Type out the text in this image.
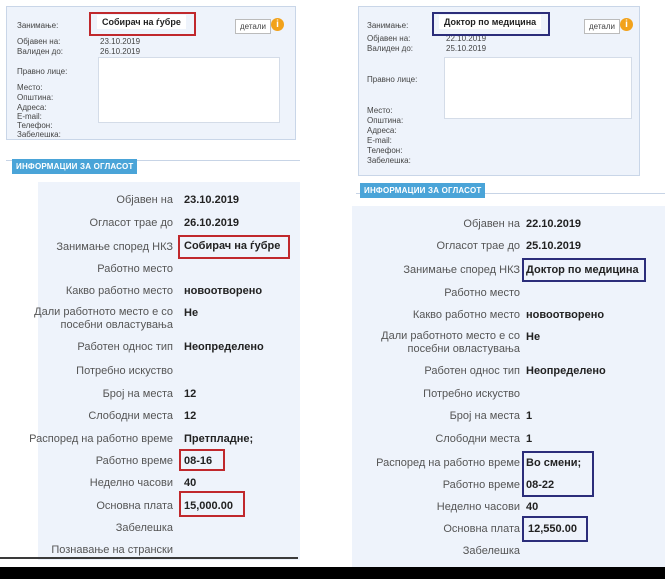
Занимање:	Собирач на ѓубре	детали	i
Објавен на:	23.10.2019
Валиден до:	26.10.2019
Правно лице:
Место:
Општина:
Адреса:
E-mail:
Телефон:
Забелешка:
ИНФОРМАЦИИ ЗА ОГЛАСОТ
Објавен на 23.10.2019
Огласот трае до 26.10.2019
Занимање според НКЗ Собирач на ѓубре
Работно место
Какво работно место новоотворено
Дали работното место е со посебни овластувања
Не
Работен однос тип Неопределено
Потребно искуство
Број на места 12
Слободни места 12
Распоред на работно време Претпладне;
Работно време 08-16
Неделно часови 40
Основна плата 15,000.00
Забелешка
Познавање на странски
Занимање:	Доктор по медицина	детали	i
Објавен на:	22.10.2019
Валиден до:	25.10.2019
Правно лице:
Место:
Општина:
Адреса:
E-mail:
Телефон:
Забелешка:
ИНФОРМАЦИИ ЗА ОГЛАСОТ
Објавен на 22.10.2019
Огласот трае до 25.10.2019
Занимање според НКЗ Доктор по медицина
Работно место
Какво работно место новоотворено
Дали работното место е со посебни овластувања
Не
Работен однос тип Неопределено
Потребно искуство
Број на места 1
Слободни места 1
Распоред на работно време Во смени;
Работно време 08-22
Неделно часови 40
Основна плата 12,550.00
Забелешка
